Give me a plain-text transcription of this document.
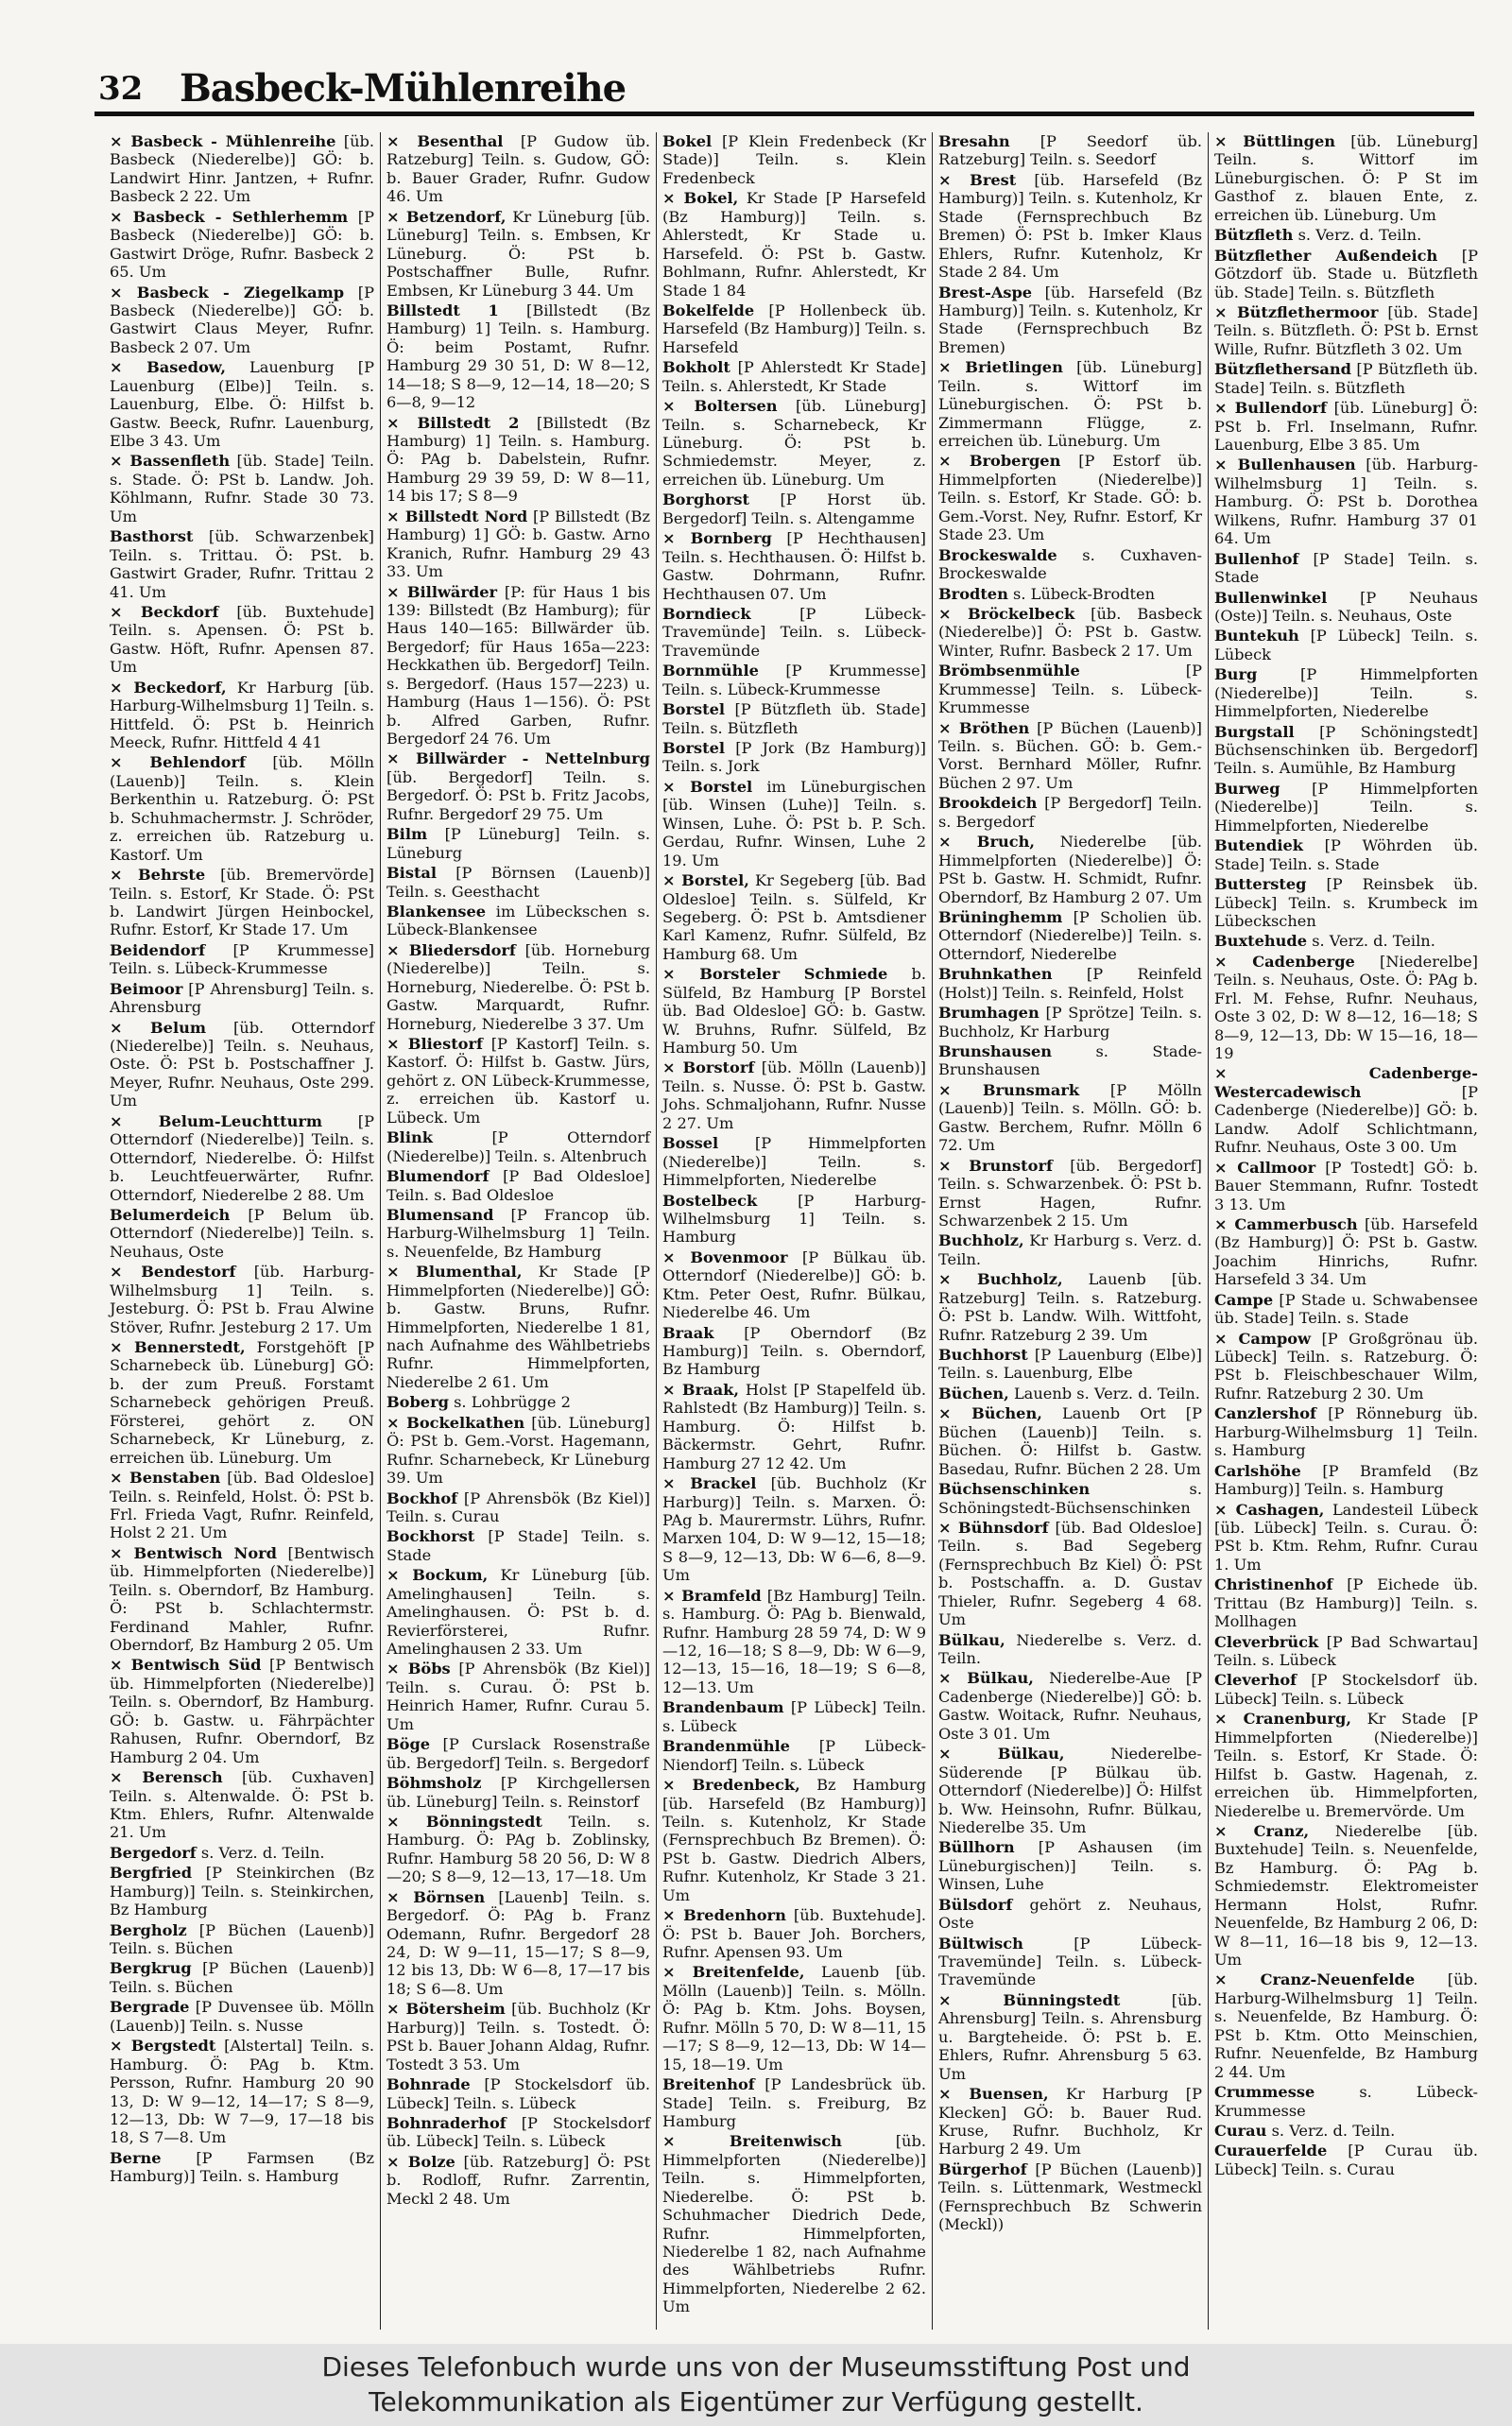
32 Basbeck-Mühlenreihe
× Basbeck - Mühlenreihe [üb. Basbeck (Niederelbe)] GÖ: b. Landwirt Hinr. Jantzen, + Rufnr. Basbeck 2 22. Um
× Basbeck - Sethlerhemm [P Basbeck (Niederelbe)] GÖ: b. Gastwirt Dröge, Rufnr. Basbeck 2 65. Um
× Basbeck - Ziegelkamp [P Basbeck (Niederelbe)] GÖ: b. Gastwirt Claus Meyer, Rufnr. Basbeck 2 07. Um
× Basedow, Lauenburg [P Lauenburg (Elbe)] Teiln. s. Lauenburg, Elbe. Ö: Hilfst b. Gastw. Beeck, Rufnr. Lauenburg, Elbe 3 43. Um
× Bassenfleth [üb. Stade] Teiln. s. Stade. Ö: PSt b. Landw. Joh. Köhlmann, Rufnr. Stade 30 73. Um
Basthorst [üb. Schwarzenbek] Teiln. s. Trittau. Ö: PSt. b. Gastwirt Grader, Rufnr. Trittau 2 41. Um
× Beckdorf [üb. Buxtehude] Teiln. s. Apensen. Ö: PSt b. Gastw. Höft, Rufnr. Apensen 87. Um
× Beckedorf, Kr Harburg [üb. Harburg-Wilhelmsburg 1] Teiln. s. Hittfeld. Ö: PSt b. Heinrich Meeck, Rufnr. Hittfeld 4 41
× Behlendorf [üb. Mölln (Lauenb)] Teiln. s. Klein Berkenthin u. Ratzeburg. Ö: PSt b. Schuhmachermstr. J. Schröder, z. erreichen üb. Ratzeburg u. Kastorf. Um
× Behrste [üb. Bremervörde] Teiln. s. Estorf, Kr Stade. Ö: PSt b. Landwirt Jürgen Heinbockel, Rufnr. Estorf, Kr Stade 17. Um
Beidendorf [P Krummesse] Teiln. s. Lübeck-Krummesse
Beimoor [P Ahrensburg] Teiln. s. Ahrensburg
× Belum [üb. Otterndorf (Niederelbe)] Teiln. s. Neuhaus, Oste. Ö: PSt b. Postschaffner J. Meyer, Rufnr. Neuhaus, Oste 299. Um
× Belum-Leuchtturm [P Otterndorf (Niederelbe)] Teiln. s. Otterndorf, Niederelbe. Ö: Hilfst b. Leuchtfeuerwärter, Rufnr. Otterndorf, Niederelbe 2 88. Um
Belumerdeich [P Belum üb. Otterndorf (Niederelbe)] Teiln. s. Neuhaus, Oste
× Bendestorf [üb. Harburg-Wilhelmsburg 1] Teiln. s. Jesteburg. Ö: PSt b. Frau Alwine Stöver, Rufnr. Jesteburg 2 17. Um
× Bennerstedt, Forstgehöft [P Scharnebeck üb. Lüneburg] GÖ: b. der zum Preuß. Forstamt Scharnebeck gehörigen Preuß. Försterei, gehört z. ON Scharnebeck, Kr Lüneburg, z. erreichen üb. Lüneburg. Um
× Benstaben [üb. Bad Oldesloe] Teiln. s. Reinfeld, Holst. Ö: PSt b. Frl. Frieda Vagt, Rufnr. Reinfeld, Holst 2 21. Um
× Bentwisch Nord [Bentwisch üb. Himmelpforten (Niederelbe)] Teiln. s. Oberndorf, Bz Hamburg. Ö: PSt b. Schlachtermstr. Ferdinand Mahler, Rufnr. Oberndorf, Bz Hamburg 2 05. Um
× Bentwisch Süd [P Bentwisch üb. Himmelpforten (Niederelbe)] Teiln. s. Oberndorf, Bz Hamburg. GÖ: b. Gastw. u. Fährpächter Rahusen, Rufnr. Oberndorf, Bz Hamburg 2 04. Um
× Berensch [üb. Cuxhaven] Teiln. s. Altenwalde. Ö: PSt b. Ktm. Ehlers, Rufnr. Altenwalde 21. Um
Bergedorf s. Verz. d. Teiln.
Bergfried [P Steinkirchen (Bz Hamburg)] Teiln. s. Steinkirchen, Bz Hamburg
Bergholz [P Büchen (Lauenb)] Teiln. s. Büchen
Bergkrug [P Büchen (Lauenb)] Teiln. s. Büchen
Bergrade [P Duvensee üb. Mölln (Lauenb)] Teiln. s. Nusse
× Bergstedt [Alstertal] Teiln. s. Hamburg. Ö: PAg b. Ktm. Persson, Rufnr. Hamburg 20 90 13, D: W 9—12, 14—17; S 8—9, 12—13, Db: W 7—9, 17—18 bis 18, S 7—8. Um
Berne [P Farmsen (Bz Hamburg)] Teiln. s. Hamburg
× Besenthal [P Gudow üb. Ratzeburg] Teiln. s. Gudow, GÖ: b. Bauer Grader, Rufnr. Gudow 46. Um
× Betzendorf, Kr Lüneburg [üb. Lüneburg] Teiln. s. Embsen, Kr Lüneburg. Ö: PSt b. Postschaffner Bulle, Rufnr. Embsen, Kr Lüneburg 3 44. Um
Billstedt 1 [Billstedt (Bz Hamburg) 1] Teiln. s. Hamburg. Ö: beim Postamt, Rufnr. Hamburg 29 30 51, D: W 8—12, 14—18; S 8—9, 12—14, 18—20; S 6—8, 9—12
× Billstedt 2 [Billstedt (Bz Hamburg) 1] Teiln. s. Hamburg. Ö: PAg b. Dabelstein, Rufnr. Hamburg 29 39 59, D: W 8—11, 14 bis 17; S 8—9
× Billstedt Nord [P Billstedt (Bz Hamburg) 1] GÖ: b. Gastw. Arno Kranich, Rufnr. Hamburg 29 43 33. Um
× Billwärder [P: für Haus 1 bis 139: Billstedt (Bz Hamburg); für Haus 140—165: Billwärder üb. Bergedorf; für Haus 165a—223: Heckkathen üb. Bergedorf] Teiln. s. Bergedorf. (Haus 157—223) u. Hamburg (Haus 1—156). Ö: PSt b. Alfred Garben, Rufnr. Bergedorf 24 76. Um
× Billwärder - Nettelnburg [üb. Bergedorf] Teiln. s. Bergedorf. Ö: PSt b. Fritz Jacobs, Rufnr. Bergedorf 29 75. Um
Bilm [P Lüneburg] Teiln. s. Lüneburg
Bistal [P Börnsen (Lauenb)] Teiln. s. Geesthacht
Blankensee im Lübeckschen s. Lübeck-Blankensee
× Bliedersdorf [üb. Horneburg (Niederelbe)] Teiln. s. Horneburg, Niederelbe. Ö: PSt b. Gastw. Marquardt, Rufnr. Horneburg, Niederelbe 3 37. Um
× Bliestorf [P Kastorf] Teiln. s. Kastorf. Ö: Hilfst b. Gastw. Jürs, gehört z. ON Lübeck-Krummesse, z. erreichen üb. Kastorf u. Lübeck. Um
Blink	[P Otterndorf (Niederelbe)] Teiln. s. Altenbruch
Blumendorf [P Bad Oldesloe] Teiln. s. Bad Oldesloe
Blumensand [P Francop üb. Harburg-Wilhelmsburg 1] Teiln. s. Neuenfelde, Bz Hamburg
× Blumenthal, Kr Stade [P Himmelpforten (Niederelbe)] GÖ: b. Gastw. Bruns, Rufnr. Himmelpforten, Niederelbe 1 81, nach Aufnahme des Wählbetriebs Rufnr. Himmelpforten, Niederelbe 2 61. Um
Boberg s. Lohbrügge 2
× Bockelkathen [üb. Lüneburg] Ö: PSt b. Gem.-Vorst. Hagemann, Rufnr. Scharnebeck, Kr Lüneburg 39. Um
Bockhof [P Ahrensbök (Bz Kiel)] Teiln. s. Curau
Bockhorst [P Stade] Teiln. s. Stade
× Bockum, Kr Lüneburg [üb. Amelinghausen] Teiln. s. Amelinghausen. Ö: PSt b. d. Revierförsterei, Rufnr. Amelinghausen 2 33. Um
× Böbs [P Ahrensbök (Bz Kiel)] Teiln. s. Curau. Ö: PSt b. Heinrich Hamer, Rufnr. Curau 5. Um
Böge [P Curslack Rosenstraße üb. Bergedorf] Teiln. s. Bergedorf
Böhmsholz [P Kirchgellersen üb. Lüneburg] Teiln. s. Reinstorf
× Bönningstedt Teiln. s. Hamburg. Ö: PAg b. Zoblinsky, Rufnr. Hamburg 58 20 56, D: W 8—20; S 8—9, 12—13, 17—18. Um
× Börnsen [Lauenb] Teiln. s. Bergedorf. Ö: PAg b. Franz Odemann, Rufnr. Bergedorf 28 24, D: W 9—11, 15—17; S 8—9, 12 bis 13, Db: W 6—8, 17—17 bis 18; S 6—8. Um
× Bötersheim [üb. Buchholz (Kr Harburg)] Teiln. s. Tostedt. Ö: PSt b. Bauer Johann Aldag, Rufnr. Tostedt 3 53. Um
Bohnrade [P Stockelsdorf üb. Lübeck] Teiln. s. Lübeck
Bohnraderhof [P Stockelsdorf üb. Lübeck] Teiln. s. Lübeck
× Bolze [üb. Ratzeburg] Ö: PSt b. Rodloff, Rufnr. Zarrentin, Meckl 2 48. Um
Bokel [P Klein Fredenbeck (Kr Stade)] Teiln. s. Klein Fredenbeck
× Bokel, Kr Stade [P Harsefeld (Bz Hamburg)] Teiln. s. Ahlerstedt, Kr Stade u. Harsefeld. Ö: PSt b. Gastw. Bohlmann, Rufnr. Ahlerstedt, Kr Stade 1 84
Bokelfelde [P Hollenbeck üb. Harsefeld (Bz Hamburg)] Teiln. s. Harsefeld
Bokholt [P Ahlerstedt Kr Stade] Teiln. s. Ahlerstedt, Kr Stade
× Boltersen [üb. Lüneburg] Teiln. s. Scharnebeck, Kr Lüneburg. Ö: PSt b. Schmiedemstr. Meyer, z. erreichen üb. Lüneburg. Um
Borghorst [P Horst üb. Bergedorf] Teiln. s. Altengamme
× Bornberg [P Hechthausen] Teiln. s. Hechthausen. Ö: Hilfst b. Gastw. Dohrmann, Rufnr. Hechthausen 07. Um
Borndieck	[P Lübeck-Travemünde] Teiln. s. Lübeck-Travemünde
Bornmühle [P Krummesse] Teiln. s. Lübeck-Krummesse
Borstel [P Bützfleth üb. Stade] Teiln. s. Bützfleth
Borstel [P Jork (Bz Hamburg)] Teiln. s. Jork
× Borstel im Lüneburgischen [üb. Winsen (Luhe)] Teiln. s. Winsen, Luhe. Ö: PSt b. P. Sch. Gerdau, Rufnr. Winsen, Luhe 2 19. Um
× Borstel, Kr Segeberg [üb. Bad Oldesloe] Teiln. s. Sülfeld, Kr Segeberg. Ö: PSt b. Amtsdiener Karl Kamenz, Rufnr. Sülfeld, Bz Hamburg 68. Um
× Borsteler Schmiede b. Sülfeld, Bz Hamburg [P Borstel üb. Bad Oldesloe] GÖ: b. Gastw. W. Bruhns, Rufnr. Sülfeld, Bz Hamburg 50. Um
× Borstorf [üb. Mölln (Lauenb)] Teiln. s. Nusse. Ö: PSt b. Gastw. Johs. Schmaljohann, Rufnr. Nusse 2 27. Um
Bossel [P Himmelpforten (Niederelbe)] Teiln. s. Himmelpforten, Niederelbe
Bostelbeck	[P Harburg-Wilhelmsburg 1] Teiln. s. Hamburg
× Bovenmoor [P Bülkau üb. Otterndorf (Niederelbe)] GÖ: b. Ktm. Peter Oest, Rufnr. Bülkau, Niederelbe 46. Um
Braak [P Oberndorf (Bz Hamburg)] Teiln. s. Oberndorf, Bz Hamburg
× Braak, Holst [P Stapelfeld üb. Rahlstedt (Bz Hamburg)] Teiln. s. Hamburg. Ö: Hilfst b. Bäckermstr. Gehrt, Rufnr. Hamburg 27 12 42. Um
× Brackel [üb. Buchholz (Kr Harburg)] Teiln. s. Marxen. Ö: PAg b. Maurermstr. Lührs, Rufnr. Marxen 104, D: W 9—12, 15—18; S 8—9, 12—13, Db: W 6—6, 8—9. Um
× Bramfeld [Bz Hamburg] Teiln. s. Hamburg. Ö: PAg b. Bienwald, Rufnr. Hamburg 28 59 74, D: W 9—12, 16—18; S 8—9, Db: W 6—9, 12—13, 15—16, 18—19; S 6—8, 12—13. Um
Brandenbaum [P Lübeck] Teiln. s. Lübeck
Brandenmühle [P Lübeck-Niendorf] Teiln. s. Lübeck
× Bredenbeck, Bz Hamburg [üb. Harsefeld (Bz Hamburg)] Teiln. s. Kutenholz, Kr Stade (Fernsprechbuch Bz Bremen). Ö: PSt b. Gastw. Diedrich Albers, Rufnr. Kutenholz, Kr Stade 3 21. Um
× Bredenhorn [üb. Buxtehude]. Ö: PSt b. Bauer Joh. Borchers, Rufnr. Apensen 93. Um
× Breitenfelde, Lauenb [üb. Mölln (Lauenb)] Teiln. s. Mölln. Ö: PAg b. Ktm. Johs. Boysen, Rufnr. Mölln 5 70, D: W 8—11, 15—17; S 8—9, 12—13, Db: W 14—15, 18—19. Um
Breitenhof [P Landesbrück üb. Stade] Teiln. s. Freiburg, Bz Hamburg
× Breitenwisch	[üb. Himmelpforten (Niederelbe)] Teiln. s. Himmelpforten, Niederelbe. Ö: PSt b. Schuhmacher Diedrich Dede, Rufnr. Himmelpforten, Niederelbe 1 82, nach Aufnahme des Wählbetriebs Rufnr. Himmelpforten, Niederelbe 2 62. Um
Bresahn [P Seedorf üb. Ratzeburg] Teiln. s. Seedorf
× Brest [üb. Harsefeld (Bz Hamburg)] Teiln. s. Kutenholz, Kr Stade (Fernsprechbuch Bz Bremen) Ö: PSt b. Imker Klaus Ehlers, Rufnr. Kutenholz, Kr Stade 2 84. Um
Brest-Aspe [üb. Harsefeld (Bz Hamburg)] Teiln. s. Kutenholz, Kr Stade (Fernsprechbuch Bz Bremen)
× Brietlingen [üb. Lüneburg] Teiln. s. Wittorf im Lüneburgischen. Ö: PSt b. Zimmermann Flügge, z. erreichen üb. Lüneburg. Um
× Brobergen [P Estorf üb. Himmelpforten (Niederelbe)] Teiln. s. Estorf, Kr Stade. GÖ: b. Gem.-Vorst. Ney, Rufnr. Estorf, Kr Stade 23. Um
Brockeswalde s. Cuxhaven-Brockeswalde
Brodten s. Lübeck-Brodten
× Bröckelbeck [üb. Basbeck (Niederelbe)] Ö: PSt b. Gastw. Winter, Rufnr. Basbeck 2 17. Um
Brömbsenmühle	[P Krummesse] Teiln. s. Lübeck-Krummesse
× Bröthen [P Büchen (Lauenb)] Teiln. s. Büchen. GÖ: b. Gem.-Vorst. Bernhard Möller, Rufnr. Büchen 2 97. Um
Brookdeich [P Bergedorf] Teiln. s. Bergedorf
× Bruch, Niederelbe [üb. Himmelpforten (Niederelbe)] Ö: PSt b. Gastw. H. Schmidt, Rufnr. Oberndorf, Bz Hamburg 2 07. Um
Brüninghemm [P Scholien üb. Otterndorf (Niederelbe)] Teiln. s. Otterndorf, Niederelbe
Bruhnkathen [P Reinfeld (Holst)] Teiln. s. Reinfeld, Holst
Brumhagen [P Sprötze] Teiln. s. Buchholz, Kr Harburg
Brunshausen	s. Stade-Brunshausen
× Brunsmark [P Mölln (Lauenb)] Teiln. s. Mölln. GÖ: b. Gastw. Berchem, Rufnr. Mölln 6 72. Um
× Brunstorf [üb. Bergedorf] Teiln. s. Schwarzenbek. Ö: PSt b. Ernst Hagen, Rufnr. Schwarzenbek 2 15. Um
Buchholz, Kr Harburg s. Verz. d. Teiln.
× Buchholz, Lauenb [üb. Ratzeburg] Teiln. s. Ratzeburg. Ö: PSt b. Landw. Wilh. Wittfoht, Rufnr. Ratzeburg 2 39. Um
Buchhorst [P Lauenburg (Elbe)] Teiln. s. Lauenburg, Elbe
Büchen, Lauenb s. Verz. d. Teiln.
× Büchen, Lauenb Ort [P Büchen (Lauenb)] Teiln. s. Büchen. Ö: Hilfst b. Gastw. Basedau, Rufnr. Büchen 2 28. Um
Büchsenschinken	s. Schöningstedt-Büchsenschinken
× Bühnsdorf [üb. Bad Oldesloe] Teiln. s. Bad Segeberg (Fernsprechbuch Bz Kiel) Ö: PSt b. Postschaffn. a. D. Gustav Thieler, Rufnr. Segeberg 4 68. Um
Bülkau, Niederelbe s. Verz. d. Teiln.
× Bülkau, Niederelbe-Aue [P Cadenberge (Niederelbe)] GÖ: b. Gastw. Woitack, Rufnr. Neuhaus, Oste 3 01. Um
× Bülkau,	Niederelbe-Süderende [P Bülkau üb. Otterndorf (Niederelbe)] Ö: Hilfst b. Ww. Heinsohn, Rufnr. Bülkau, Niederelbe 35. Um
Büllhorn [P Ashausen (im Lüneburgischen)] Teiln. s. Winsen, Luhe
Bülsdorf gehört z. Neuhaus, Oste
Bültwisch	[P Lübeck-Travemünde] Teiln. s. Lübeck-Travemünde
× Bünningstedt	[üb. Ahrensburg] Teiln. s. Ahrensburg u. Bargteheide. Ö: PSt b. E. Ehlers, Rufnr. Ahrensburg 5 63. Um
× Buensen, Kr Harburg [P Klecken] GÖ: b. Bauer Rud. Kruse, Rufnr. Buchholz, Kr Harburg 2 49. Um
Bürgerhof [P Büchen (Lauenb)] Teiln. s. Lüttenmark, Westmeckl (Fernsprechbuch Bz Schwerin (Meckl))
× Büttlingen [üb. Lüneburg] Teiln. s. Wittorf im Lüneburgischen. Ö: P St im Gasthof z. blauen Ente, z. erreichen üb. Lüneburg. Um
Bützfleth s. Verz. d. Teiln.
Bützflether Außendeich [P Götzdorf üb. Stade u. Bützfleth üb. Stade] Teiln. s. Bützfleth
× Bützflethermoor [üb. Stade] Teiln. s. Bützfleth. Ö: PSt b. Ernst Wille, Rufnr. Bützfleth 3 02. Um
Bützflethersand [P Bützfleth üb. Stade] Teiln. s. Bützfleth
× Bullendorf [üb. Lüneburg] Ö: PSt b. Frl. Inselmann, Rufnr. Lauenburg, Elbe 3 85. Um
× Bullenhausen [üb. Harburg-Wilhelmsburg 1] Teiln. s. Hamburg. Ö: PSt b. Dorothea Wilkens, Rufnr. Hamburg 37 01 64. Um
Bullenhof [P Stade] Teiln. s. Stade
Bullenwinkel [P Neuhaus (Oste)] Teiln. s. Neuhaus, Oste
Buntekuh [P Lübeck] Teiln. s. Lübeck
Burg	[P Himmelpforten (Niederelbe)] Teiln. s. Himmelpforten, Niederelbe
Burgstall [P Schöningstedt] Büchsenschinken üb. Bergedorf] Teiln. s. Aumühle, Bz Hamburg
Burweg [P Himmelpforten (Niederelbe)] Teiln. s. Himmelpforten, Niederelbe
Butendiek [P Wöhrden üb. Stade] Teiln. s. Stade
Buttersteg [P Reinsbek üb. Lübeck] Teiln. s. Krumbeck im Lübeckschen
Buxtehude s. Verz. d. Teiln.
× Cadenberge [Niederelbe] Teiln. s. Neuhaus, Oste. Ö: PAg b. Frl. M. Fehse, Rufnr. Neuhaus, Oste 3 02, D: W 8—12, 16—18; S 8—9, 12—13, Db: W 15—16, 18—19
× Cadenberge-Westercadewisch	[P Cadenberge (Niederelbe)] GÖ: b. Landw. Adolf Schlichtmann, Rufnr. Neuhaus, Oste 3 00. Um
× Callmoor [P Tostedt] GÖ: b. Bauer Stemmann, Rufnr. Tostedt 3 13. Um
× Cammerbusch [üb. Harsefeld (Bz Hamburg)] Ö: PSt b. Gastw. Joachim Hinrichs, Rufnr. Harsefeld 3 34. Um
Campe [P Stade u. Schwabensee üb. Stade] Teiln. s. Stade
× Campow [P Großgrönau üb. Lübeck] Teiln. s. Ratzeburg. Ö: PSt b. Fleischbeschauer Wilm, Rufnr. Ratzeburg 2 30. Um
Canzlershof [P Rönneburg üb. Harburg-Wilhelmsburg 1] Teiln. s. Hamburg
Carlshöhe [P Bramfeld (Bz Hamburg)] Teiln. s. Hamburg
× Cashagen, Landesteil Lübeck [üb. Lübeck] Teiln. s. Curau. Ö: PSt b. Ktm. Rehm, Rufnr. Curau 1. Um
Christinenhof [P Eichede üb. Trittau (Bz Hamburg)] Teiln. s. Mollhagen
Cleverbrück [P Bad Schwartau] Teiln. s. Lübeck
Cleverhof [P Stockelsdorf üb. Lübeck] Teiln. s. Lübeck
× Cranenburg, Kr Stade [P Himmelpforten (Niederelbe)] Teiln. s. Estorf, Kr Stade. Ö: Hilfst b. Gastw. Hagenah, z. erreichen üb. Himmelpforten, Niederelbe u. Bremervörde. Um
× Cranz, Niederelbe [üb. Buxtehude] Teiln. s. Neuenfelde, Bz Hamburg. Ö: PAg b. Schmiedemstr. Elektromeister Hermann Holst, Rufnr. Neuenfelde, Bz Hamburg 2 06, D: W 8—11, 16—18 bis 9, 12—13. Um
× Cranz-Neuenfelde [üb. Harburg-Wilhelmsburg 1] Teiln. s. Neuenfelde, Bz Hamburg. Ö: PSt b. Ktm. Otto Meinschien, Rufnr. Neuenfelde, Bz Hamburg 2 44. Um
Crummesse	s. Lübeck-Krummesse
Curau s. Verz. d. Teiln.
Curauerfelde [P Curau üb. Lübeck] Teiln. s. Curau
Dieses Telefonbuch wurde uns von der Museumsstiftung Post und
Telekommunikation als Eigentümer zur Verfügung gestellt.
